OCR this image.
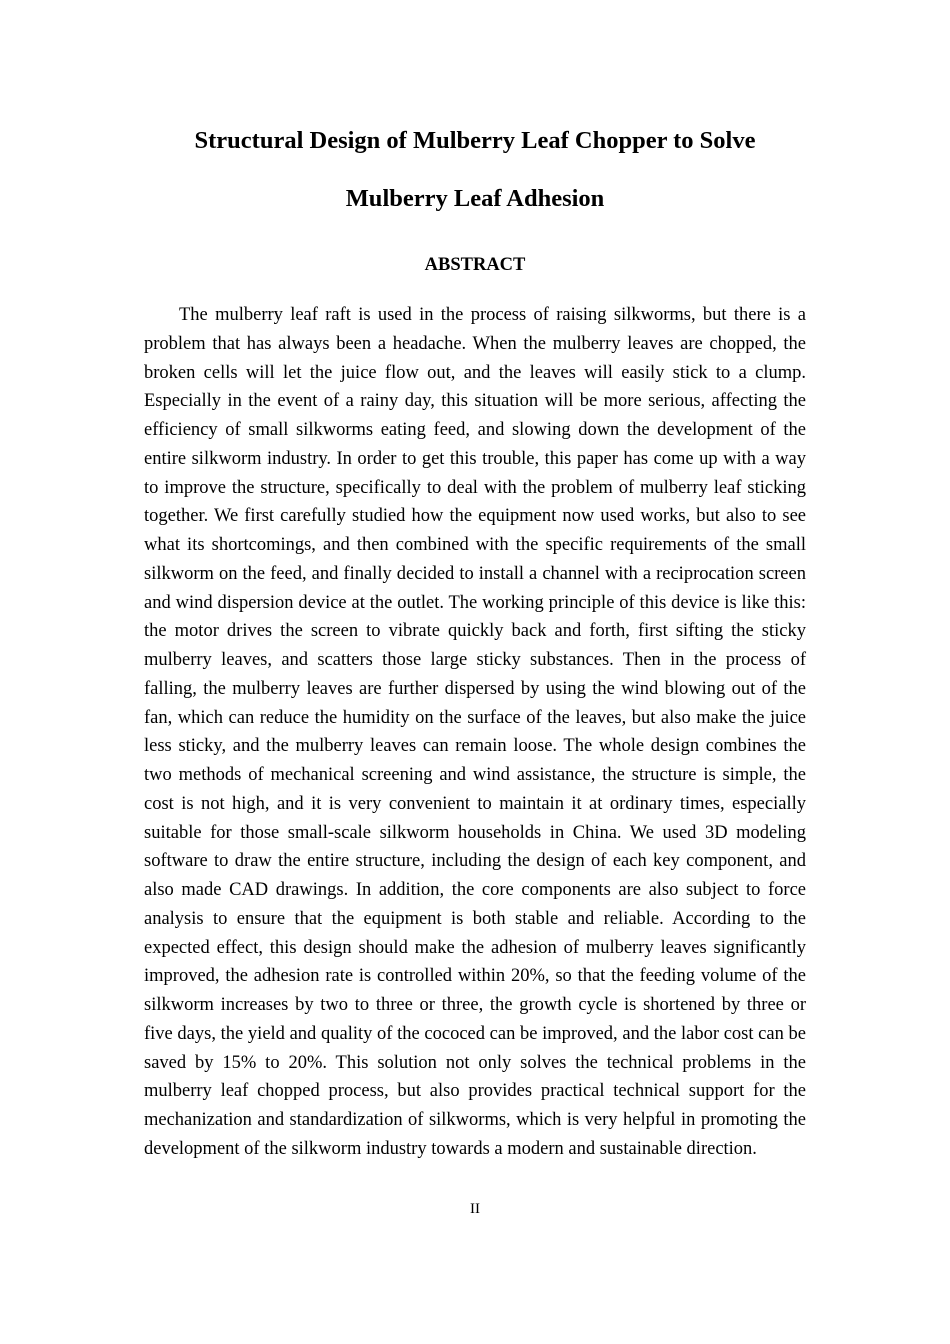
Structural Design of Mulberry Leaf Chopper to Solve
Mulberry Leaf Adhesion
ABSTRACT

The mulberry leaf raft is used in the process of raising silkworms, but there is a problem that has always been a headache. When the mulberry leaves are chopped, the broken cells will let the juice flow out, and the leaves will easily stick to a clump. Especially in the event of a rainy day, this situation will be more serious, affecting the efficiency of small silkworms eating feed, and slowing down the development of the entire silkworm industry. In order to get this trouble, this paper has come up with a way to improve the structure, specifically to deal with the problem of mulberry leaf sticking together. We first carefully studied how the equipment now used works, but also to see what its shortcomings, and then combined with the specific requirements of the small silkworm on the feed, and finally decided to install a channel with a reciprocation screen and wind dispersion device at the outlet. The working principle of this device is like this: the motor drives the screen to vibrate quickly back and forth, first sifting the sticky mulberry leaves, and scatters those large sticky substances. Then in the process of falling, the mulberry leaves are further dispersed by using the wind blowing out of the fan, which can reduce the humidity on the surface of the leaves, but also make the juice less sticky, and the mulberry leaves can remain loose. The whole design combines the two methods of mechanical screening and wind assistance, the structure is simple, the cost is not high, and it is very convenient to maintain it at ordinary times, especially suitable for those small-scale silkworm households in China. We used 3D modeling software to draw the entire structure, including the design of each key component, and also made CAD drawings. In addition, the core components are also subject to force analysis to ensure that the equipment is both stable and reliable. According to the expected effect, this design should make the adhesion of mulberry leaves significantly improved, the adhesion rate is controlled within 20%, so that the feeding volume of the silkworm increases by two to three or three, the growth cycle is shortened by three or five days, the yield and quality of the cococed can be improved, and the labor cost can be saved by 15% to 20%. This solution not only solves the technical problems in the mulberry leaf chopped process, but also provides practical technical support for the mechanization and standardization of silkworms, which is very helpful in promoting the development of the silkworm industry towards a modern and sustainable direction.

II
